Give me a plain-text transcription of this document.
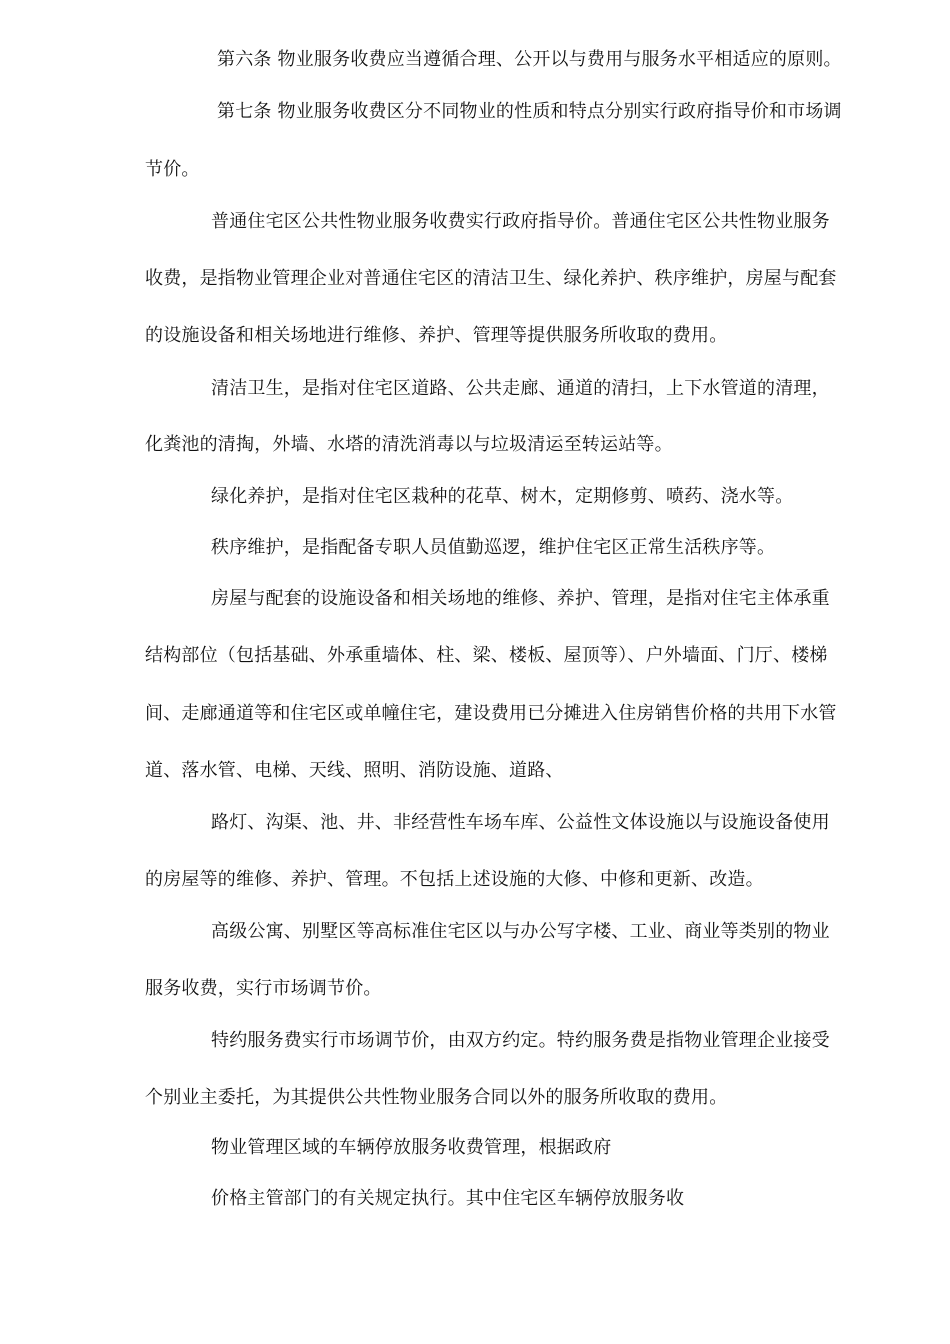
第六条 物业服务收费应当遵循合理、公开以与费用与服务水平相适应的原则。
第七条 物业服务收费区分不同物业的性质和特点分别实行政府指导价和市场调
节价。
普通住宅区公共性物业服务收费实行政府指导价。普通住宅区公共性物业服务
收费，是指物业管理企业对普通住宅区的清洁卫生、绿化养护、秩序维护，房屋与配套
的设施设备和相关场地进行维修、养护、管理等提供服务所收取的费用。
清洁卫生，是指对住宅区道路、公共走廊、通道的清扫，上下水管道的清理，
化粪池的清掏，外墙、水塔的清洗消毒以与垃圾清运至转运站等。
绿化养护，是指对住宅区栽种的花草、树木，定期修剪、喷药、浇水等。
秩序维护，是指配备专职人员值勤巡逻，维护住宅区正常生活秩序等。
房屋与配套的设施设备和相关场地的维修、养护、管理，是指对住宅主体承重
结构部位（包括基础、外承重墙体、柱、梁、楼板、屋顶等）、户外墙面、门厅、楼梯
间、走廊通道等和住宅区或单幢住宅，建设费用已分摊进入住房销售价格的共用下水管
道、落水管、电梯、天线、照明、消防设施、道路、
路灯、沟渠、池、井、非经营性车场车库、公益性文体设施以与设施设备使用
的房屋等的维修、养护、管理。不包括上述设施的大修、中修和更新、改造。
高级公寓、别墅区等高标准住宅区以与办公写字楼、工业、商业等类别的物业
服务收费，实行市场调节价。
特约服务费实行市场调节价，由双方约定。特约服务费是指物业管理企业接受
个别业主委托，为其提供公共性物业服务合同以外的服务所收取的费用。
物业管理区域的车辆停放服务收费管理，根据政府
价格主管部门的有关规定执行。其中住宅区车辆停放服务收
